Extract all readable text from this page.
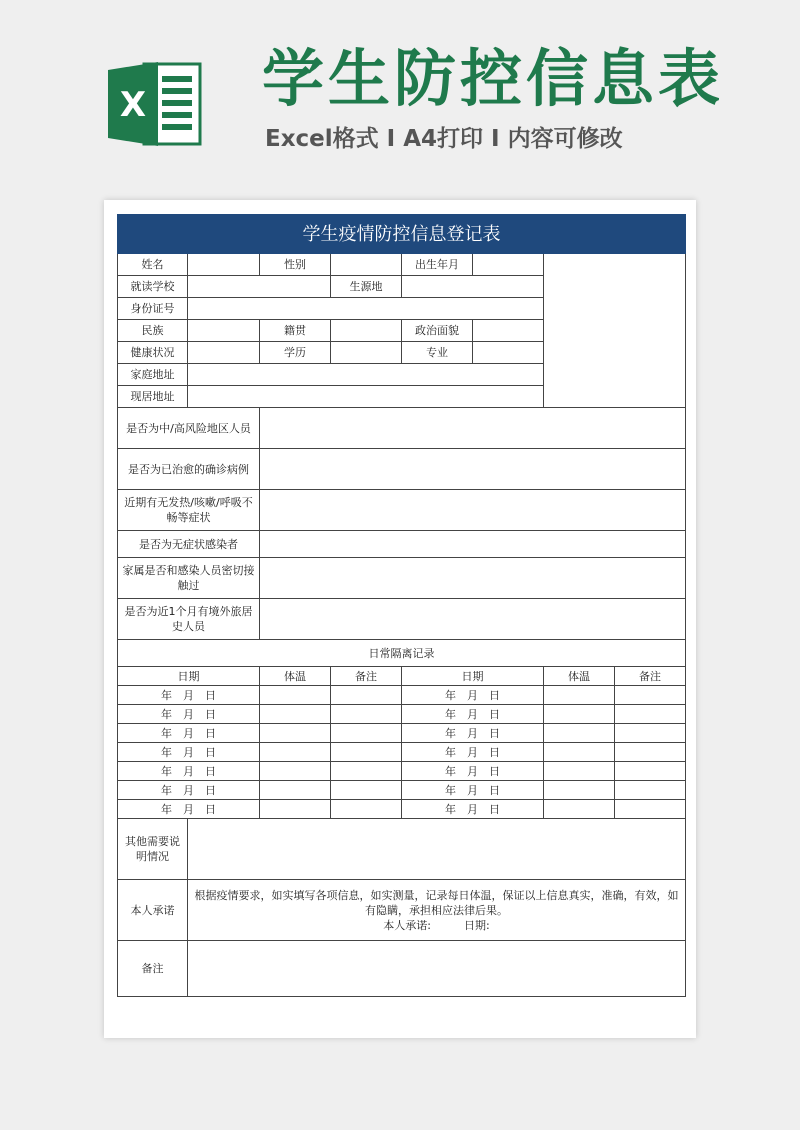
X 学生防控信息表
Excel格式 I A4打印 I 内容可修改
学生疫情防控信息登记表							
姓名		性别		出生年月			
就读学校			生源地				
身份证号							
民族		籍贯		政治面貌			
健康状况		学历		专业			
家庭地址							
现居地址							
是否为中/高风险地区人员							
是否为已治愈的确诊病例							
近期有无发热/咳嗽/呼吸不畅等症状							
是否为无症状感染者							
家属是否和感染人员密切接触过							
是否为近1个月有境外旅居史人员							
日常隔离记录							
日期		体温	备注	日期		体温	备注
年　月　日				年　月　日			
年　月　日				年　月　日			
年　月　日				年　月　日			
年　月　日				年　月　日			
年　月　日				年　月　日			
年　月　日				年　月　日			
年　月　日				年　月　日			
其他需要说明情况							
本人承诺	根据疫情要求，如实填写各项信息，如实测量，记录每日体温，保证以上信息真实，准确，有效，如有隐瞒，承担相应法律后果。
本人承诺:　　　日期:						

备注							
